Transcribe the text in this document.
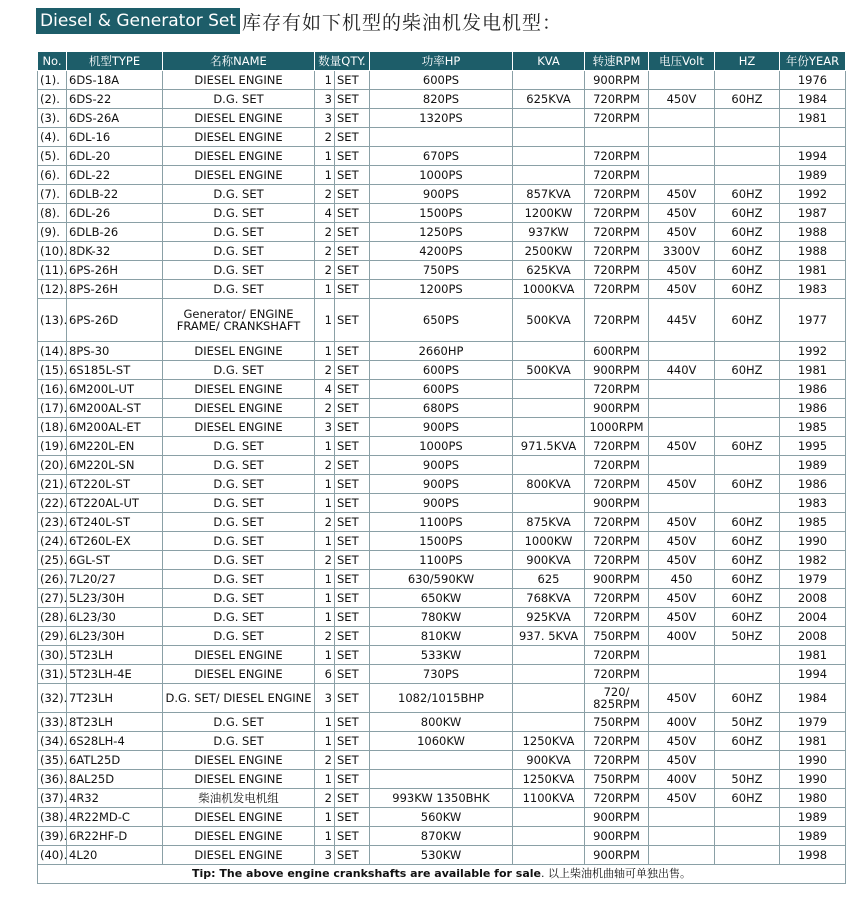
Diesel & Generator Set 库存有如下机型的柴油机发电机型：
No.	机型TYPE	名称NAME	数量QTY.		功率HP	KVA	转速RPM	电压Volt	HZ	年份YEAR
(1).	6DS-18A	DIESEL ENGINE	1	SET	600PS		900RPM			1976
(2).	6DS-22	D.G. SET	3	SET	820PS	625KVA	720RPM	450V	60HZ	1984
(3).	6DS-26A	DIESEL ENGINE	3	SET	1320PS		720RPM			1981
(4).	6DL-16	DIESEL ENGINE	2	SET						
(5).	6DL-20	DIESEL ENGINE	1	SET	670PS		720RPM			1994
(6).	6DL-22	DIESEL ENGINE	1	SET	1000PS		720RPM			1989
(7).	6DLB-22	D.G. SET	2	SET	900PS	857KVA	720RPM	450V	60HZ	1992
(8).	6DL-26	D.G. SET	4	SET	1500PS	1200KW	720RPM	450V	60HZ	1987
(9).	6DLB-26	D.G. SET	2	SET	1250PS	937KW	720RPM	450V	60HZ	1988
(10).	8DK-32	D.G. SET	2	SET	4200PS	2500KW	720RPM	3300V	60HZ	1988
(11).	6PS-26H	D.G. SET	2	SET	750PS	625KVA	720RPM	450V	60HZ	1981
(12).	8PS-26H	D.G. SET	1	SET	1200PS	1000KVA	720RPM	450V	60HZ	1983
(13).	6PS-26D	Generator/ ENGINE FRAME/ CRANKSHAFT	1	SET	650PS	500KVA	720RPM	445V	60HZ	1977
(14).	8PS-30	DIESEL ENGINE	1	SET	2660HP		600RPM			1992
(15).	6S185L-ST	D.G. SET	2	SET	600PS	500KVA	900RPM	440V	60HZ	1981
(16).	6M200L-UT	DIESEL ENGINE	4	SET	600PS		720RPM			1986
(17).	6M200AL-ST	DIESEL ENGINE	2	SET	680PS		900RPM			1986
(18).	6M200AL-ET	DIESEL ENGINE	3	SET	900PS		1000RPM			1985
(19).	6M220L-EN	D.G. SET	1	SET	1000PS	971.5KVA	720RPM	450V	60HZ	1995
(20).	6M220L-SN	D.G. SET	2	SET	900PS		720RPM			1989
(21).	6T220L-ST	D.G. SET	1	SET	900PS	800KVA	720RPM	450V	60HZ	1986
(22).	6T220AL-UT	D.G. SET	1	SET	900PS		900RPM			1983
(23).	6T240L-ST	D.G. SET	2	SET	1100PS	875KVA	720RPM	450V	60HZ	1985
(24).	6T260L-EX	D.G. SET	1	SET	1500PS	1000KW	720RPM	450V	60HZ	1990
(25).	6GL-ST	D.G. SET	2	SET	1100PS	900KVA	720RPM	450V	60HZ	1982
(26).	7L20/27	D.G. SET	1	SET	630/590KW	625	900RPM	450	60HZ	1979
(27).	5L23/30H	D.G. SET	1	SET	650KW	768KVA	720RPM	450V	60HZ	2008
(28).	6L23/30	D.G. SET	1	SET	780KW	925KVA	720RPM	450V	60HZ	2004
(29).	6L23/30H	D.G. SET	2	SET	810KW	937. 5KVA	750RPM	400V	50HZ	2008
(30).	5T23LH	DIESEL ENGINE	1	SET	533KW		720RPM			1981
(31).	5T23LH-4E	DIESEL ENGINE	6	SET	730PS		720RPM			1994
(32).	7T23LH	D.G. SET/ DIESEL ENGINE	3	SET	1082/1015BHP		720/ 825RPM	450V	60HZ	1984
(33).	8T23LH	D.G. SET	1	SET	800KW		750RPM	400V	50HZ	1979
(34).	6S28LH-4	D.G. SET	1	SET	1060KW	1250KVA	720RPM	450V	60HZ	1981
(35).	6ATL25D	DIESEL ENGINE	2	SET		900KVA	720RPM	450V		1990
(36).	8AL25D	DIESEL ENGINE	1	SET		1250KVA	750RPM	400V	50HZ	1990
(37).	4R32	柴油机发电机组	2	SET	993KW 1350BHK	1100KVA	720RPM	450V	60HZ	1980
(38).	4R22MD-C	DIESEL ENGINE	1	SET	560KW		900RPM			1989
(39).	6R22HF-D	DIESEL ENGINE	1	SET	870KW		900RPM			1989
(40).	4L20	DIESEL ENGINE	3	SET	530KW		900RPM			1998
Tip: The above engine crankshafts are available for sale. 以上柴油机曲轴可单独出售。										
